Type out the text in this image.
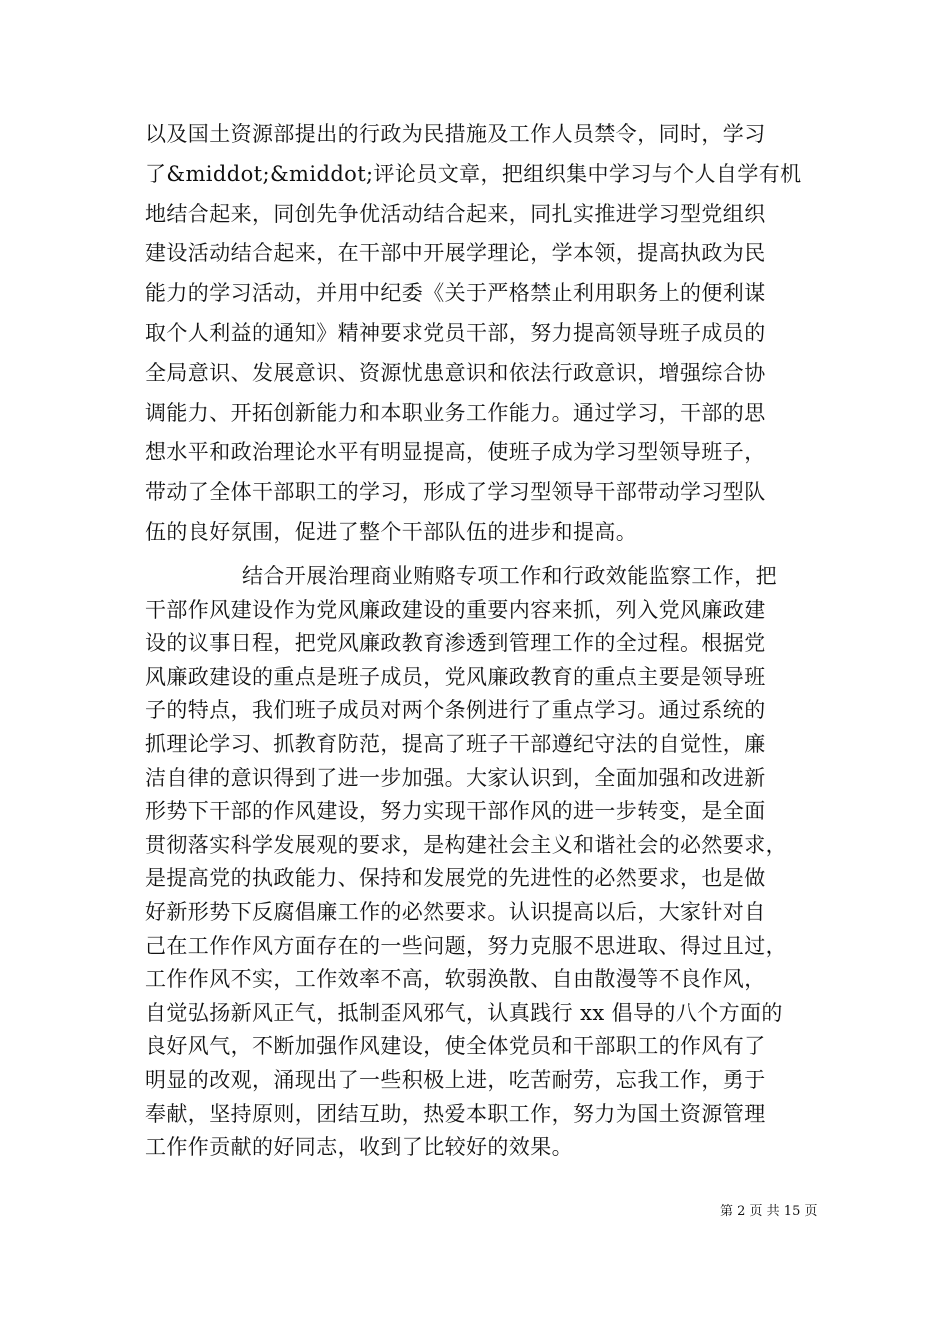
以及国土资源部提出的行政为民措施及工作人员禁令，同时，学习
了&middot;&middot;评论员文章，把组织集中学习与个人自学有机
地结合起来，同创先争优活动结合起来，同扎实推进学习型党组织
建设活动结合起来，在干部中开展学理论，学本领，提高执政为民
能力的学习活动，并用中纪委《关于严格禁止利用职务上的便利谋
取个人利益的通知》精神要求党员干部，努力提高领导班子成员的
全局意识、发展意识、资源忧患意识和依法行政意识，增强综合协
调能力、开拓创新能力和本职业务工作能力。通过学习，干部的思
想水平和政治理论水平有明显提高，使班子成为学习型领导班子，
带动了全体干部职工的学习，形成了学习型领导干部带动学习型队
伍的良好氛围，促进了整个干部队伍的进步和提高。
结合开展治理商业贿赂专项工作和行政效能监察工作，把
干部作风建设作为党风廉政建设的重要内容来抓，列入党风廉政建
设的议事日程，把党风廉政教育渗透到管理工作的全过程。根据党
风廉政建设的重点是班子成员，党风廉政教育的重点主要是领导班
子的特点，我们班子成员对两个条例进行了重点学习。通过系统的
抓理论学习、抓教育防范，提高了班子干部遵纪守法的自觉性，廉
洁自律的意识得到了进一步加强。大家认识到，全面加强和改进新
形势下干部的作风建设，努力实现干部作风的进一步转变，是全面
贯彻落实科学发展观的要求，是构建社会主义和谐社会的必然要求，
是提高党的执政能力、保持和发展党的先进性的必然要求，也是做
好新形势下反腐倡廉工作的必然要求。认识提高以后，大家针对自
己在工作作风方面存在的一些问题，努力克服不思进取、得过且过，
工作作风不实，工作效率不高，软弱涣散、自由散漫等不良作风，
自觉弘扬新风正气，抵制歪风邪气，认真践行 xx 倡导的八个方面的
良好风气，不断加强作风建设，使全体党员和干部职工的作风有了
明显的改观，涌现出了一些积极上进，吃苦耐劳，忘我工作，勇于
奉献，坚持原则，团结互助，热爱本职工作，努力为国土资源管理
工作作贡献的好同志，收到了比较好的效果。
第 2 页 共 15 页
